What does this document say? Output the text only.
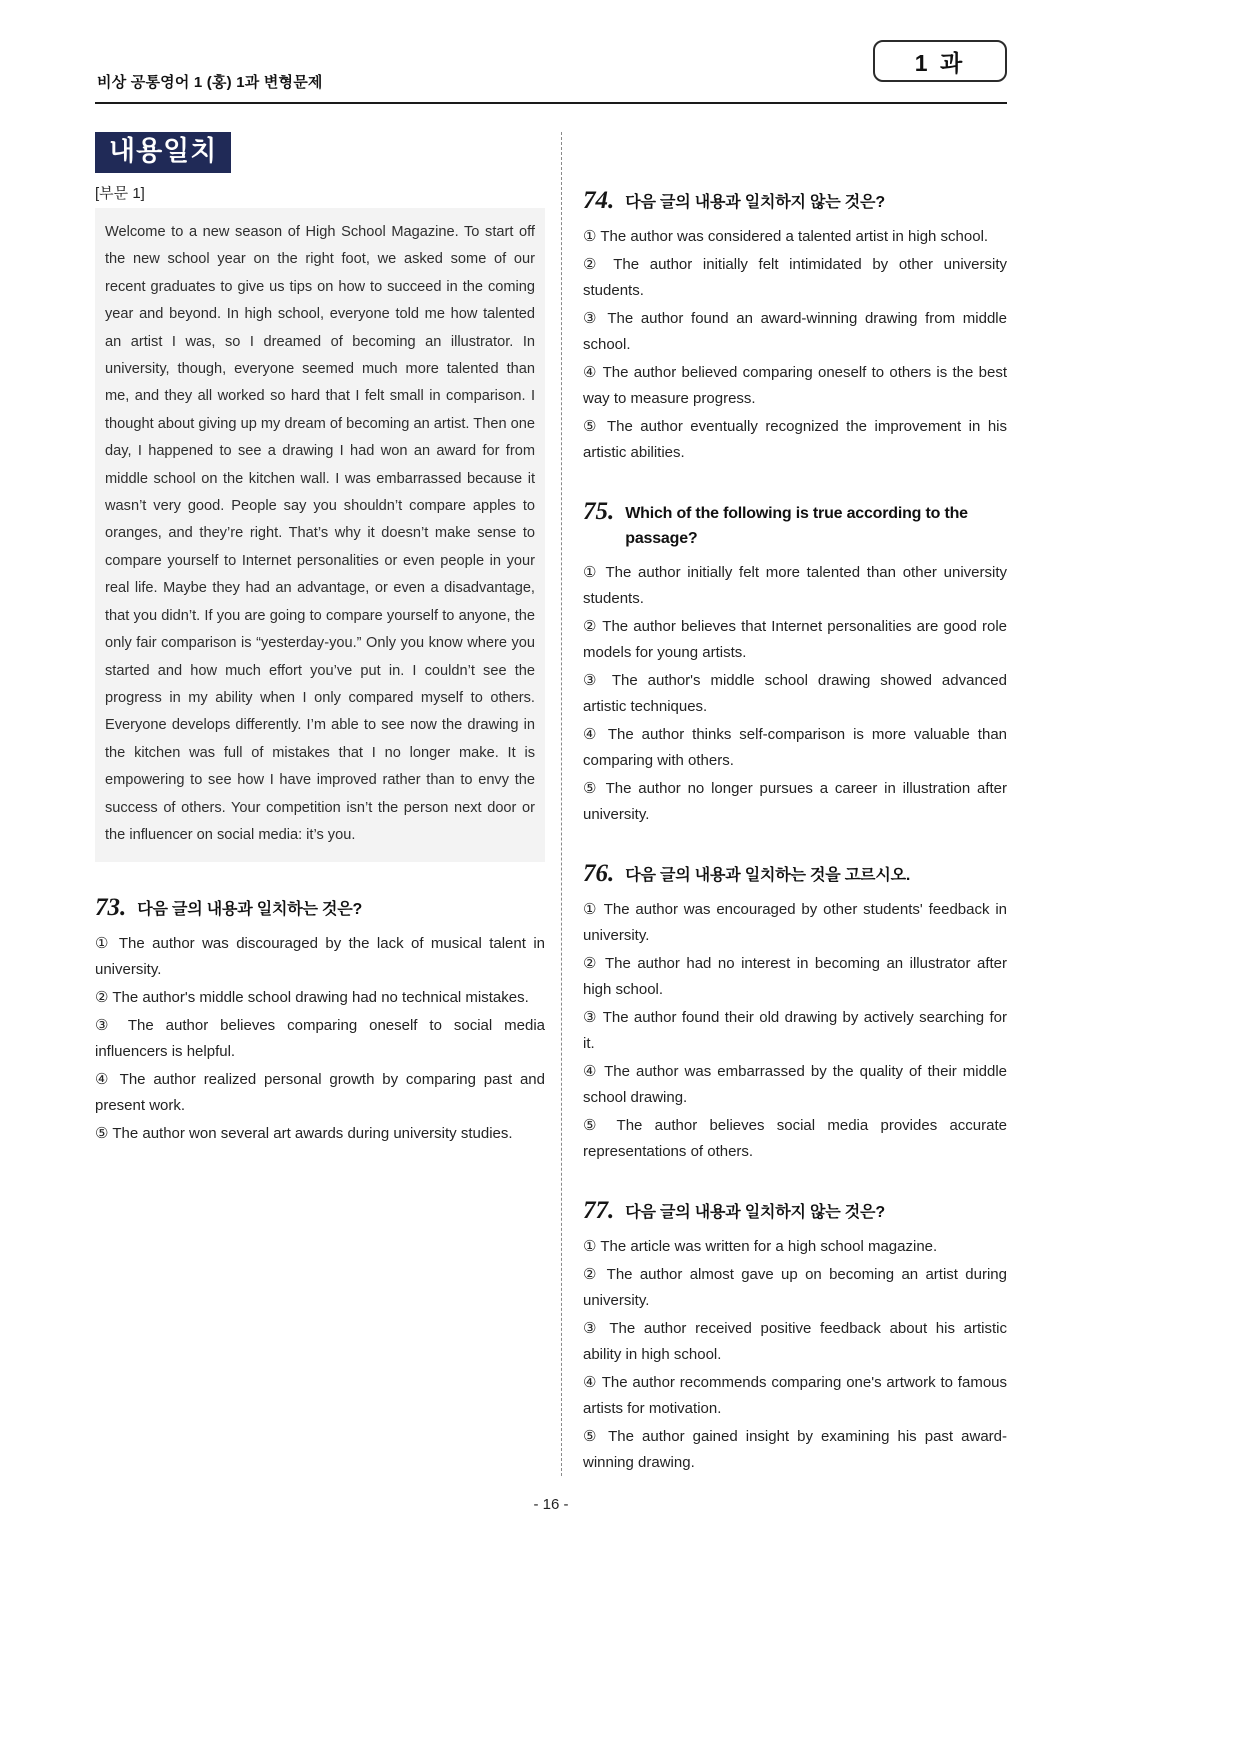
비상 공통영어 1 (홍) 1과 변형문제
1 과
내용일치
[부문 1]
Welcome to a new season of High School Magazine. To start off the new school year on the right foot, we asked some of our recent graduates to give us tips on how to succeed in the coming year and beyond. In high school, everyone told me how talented an artist I was, so I dreamed of becoming an illustrator. In university, though, everyone seemed much more talented than me, and they all worked so hard that I felt small in comparison. I thought about giving up my dream of becoming an artist. Then one day, I happened to see a drawing I had won an award for from middle school on the kitchen wall. I was embarrassed because it wasn’t very good. People say you shouldn’t compare apples to oranges, and they’re right. That’s why it doesn’t make sense to compare yourself to Internet personalities or even people in your real life. Maybe they had an advantage, or even a disadvantage, that you didn’t. If you are going to compare yourself to anyone, the only fair comparison is “yesterday-you.” Only you know where you started and how much effort you’ve put in. I couldn’t see the progress in my ability when I only compared myself to others. Everyone develops differently. I’m able to see now the drawing in the kitchen was full of mistakes that I no longer make. It is empowering to see how I have improved rather than to envy the success of others. Your competition isn’t the person next door or the influencer on social media: it’s you.
73. 다음 글의 내용과 일치하는 것은?
① The author was discouraged by the lack of musical talent in university.
② The author's middle school drawing had no technical mistakes.
③ The author believes comparing oneself to social media influencers is helpful.
④ The author realized personal growth by comparing past and present work.
⑤ The author won several art awards during university studies.
74. 다음 글의 내용과 일치하지 않는 것은?
① The author was considered a talented artist in high school.
② The author initially felt intimidated by other university students.
③ The author found an award-winning drawing from middle school.
④ The author believed comparing oneself to others is the best way to measure progress.
⑤ The author eventually recognized the improvement in his artistic abilities.
75. Which of the following is true according to the passage?
① The author initially felt more talented than other university students.
② The author believes that Internet personalities are good role models for young artists.
③ The author's middle school drawing showed advanced artistic techniques.
④ The author thinks self-comparison is more valuable than comparing with others.
⑤ The author no longer pursues a career in illustration after university.
76. 다음 글의 내용과 일치하는 것을 고르시오.
① The author was encouraged by other students' feedback in university.
② The author had no interest in becoming an illustrator after high school.
③ The author found their old drawing by actively searching for it.
④ The author was embarrassed by the quality of their middle school drawing.
⑤ The author believes social media provides accurate representations of others.
77. 다음 글의 내용과 일치하지 않는 것은?
① The article was written for a high school magazine.
② The author almost gave up on becoming an artist during university.
③ The author received positive feedback about his artistic ability in high school.
④ The author recommends comparing one's artwork to famous artists for motivation.
⑤ The author gained insight by examining his past award-winning drawing.
- 16 -
